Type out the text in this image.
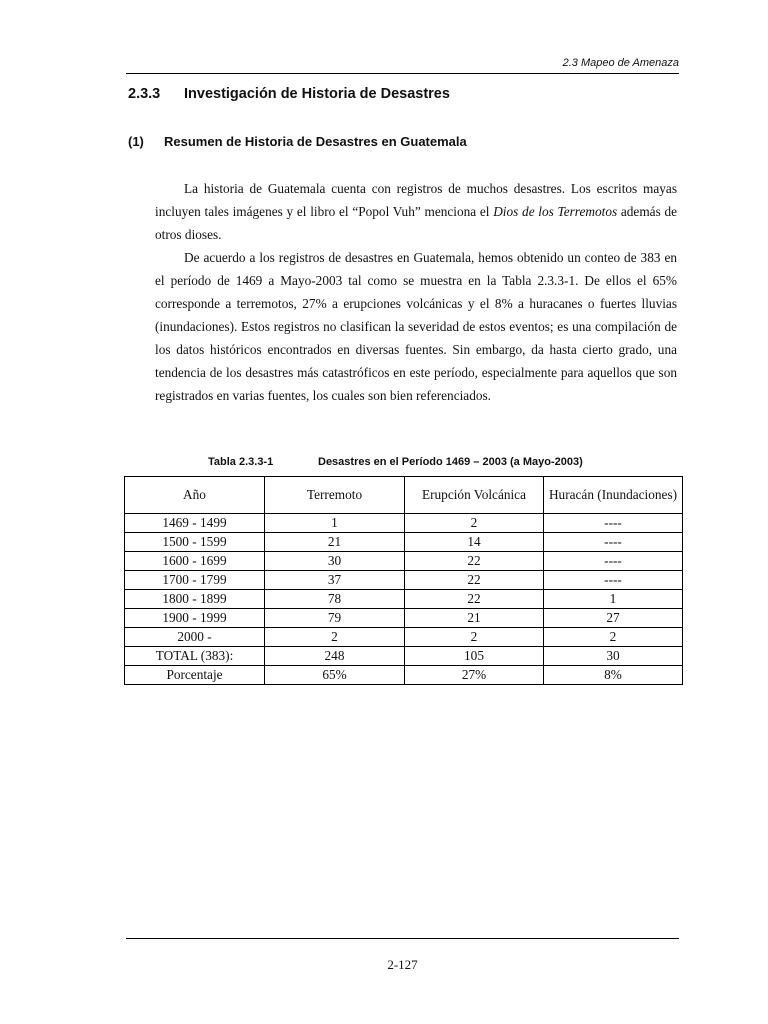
2.3 Mapeo de Amenaza
2.3.3 Investigación de Historia de Desastres
(1) Resumen de Historia de Desastres en Guatemala

La historia de Guatemala cuenta con registros de muchos desastres. Los escritos mayas incluyen tales imágenes y el libro el “Popol Vuh” menciona el Dios de los Terremotos además de otros dioses.

De acuerdo a los registros de desastres en Guatemala, hemos obtenido un conteo de 383 en el período de 1469 a Mayo-2003 tal como se muestra en la Tabla 2.3.3-1. De ellos el 65% corresponde a terremotos, 27% a erupciones volcánicas y el 8% a huracanes o fuertes lluvias (inundaciones). Estos registros no clasifican la severidad de estos eventos; es una compilación de los datos históricos encontrados en diversas fuentes. Sin embargo, da hasta cierto grado, una tendencia de los desastres más catastróficos en este período, especialmente para aquellos que son registrados en varias fuentes, los cuales son bien referenciados.

Tabla 2.3.3-1	Desastres en el Período 1469 – 2003 (a Mayo-2003)
Año	Terremoto	Erupción Volcánica	Huracán (Inundaciones)
1469 - 1499	1	2	----
1500 - 1599	21	14	----
1600 - 1699	30	22	----
1700 - 1799	37	22	----
1800 - 1899	78	22	1
1900 - 1999	79	21	27
2000 -	2	2	2
TOTAL (383):	248	105	30
Porcentaje	65%	27%	8%
2-127
